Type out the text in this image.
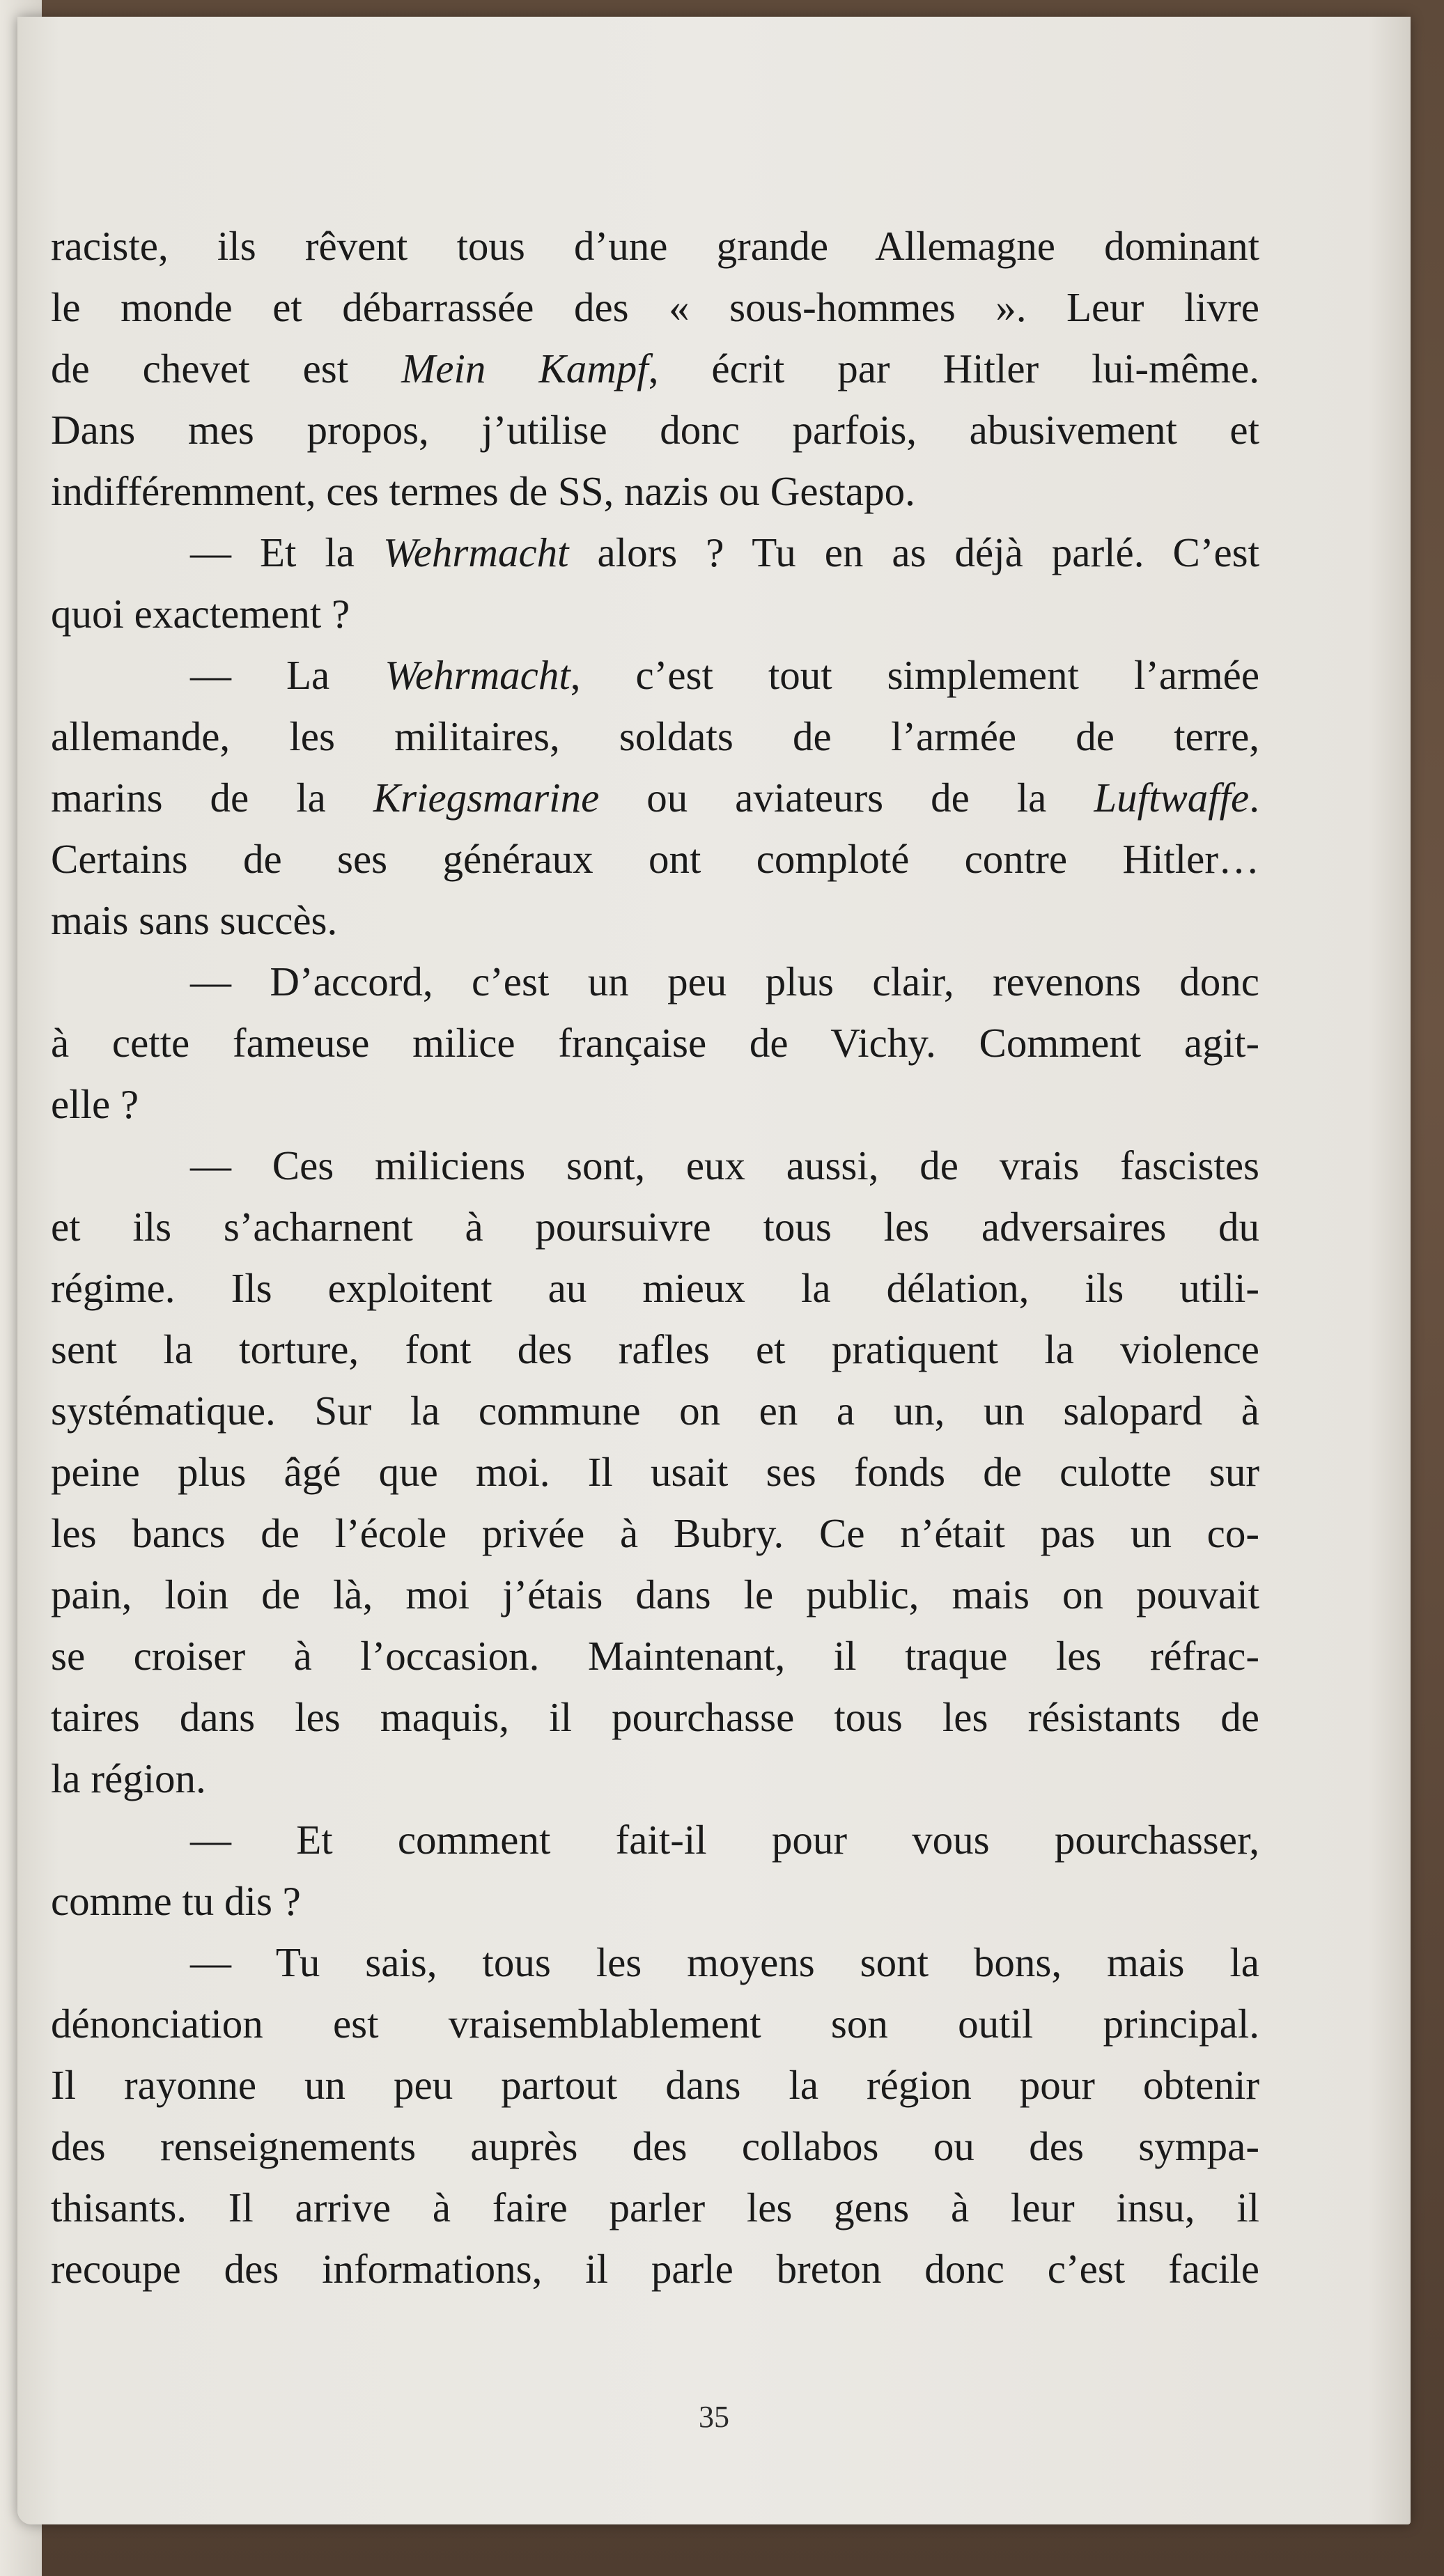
raciste, ils rêvent tous d’une grande Allemagne dominant
le monde et débarrassée des « sous-hommes ». Leur livre
de chevet est Mein Kampf, écrit par Hitler lui-même.
Dans mes propos, j’utilise donc parfois, abusivement et
indifféremment, ces termes de SS, nazis ou Gestapo.
— Et la Wehrmacht alors ? Tu en as déjà parlé. C’est
quoi exactement ?
— La Wehrmacht, c’est tout simplement l’armée
allemande, les militaires, soldats de l’armée de terre,
marins de la Kriegsmarine ou aviateurs de la Luftwaffe.
Certains de ses généraux ont comploté contre Hitler…
mais sans succès.
— D’accord, c’est un peu plus clair, revenons donc
à cette fameuse milice française de Vichy. Comment agit-
elle ?
— Ces miliciens sont, eux aussi, de vrais fascistes
et ils s’acharnent à poursuivre tous les adversaires du
régime. Ils exploitent au mieux la délation, ils utili-
sent la torture, font des rafles et pratiquent la violence
systématique. Sur la commune on en a un, un salopard à
peine plus âgé que moi. Il usait ses fonds de culotte sur
les bancs de l’école privée à Bubry. Ce n’était pas un co-
pain, loin de là, moi j’étais dans le public, mais on pouvait
se croiser à l’occasion. Maintenant, il traque les réfrac-
taires dans les maquis, il pourchasse tous les résistants de
la région.
— Et comment fait-il pour vous pourchasser,
comme tu dis ?
— Tu sais, tous les moyens sont bons, mais la
dénonciation est vraisemblablement son outil principal.
Il rayonne un peu partout dans la région pour obtenir
des renseignements auprès des collabos ou des sympa-
thisants. Il arrive à faire parler les gens à leur insu, il
recoupe des informations, il parle breton donc c’est facile
35
